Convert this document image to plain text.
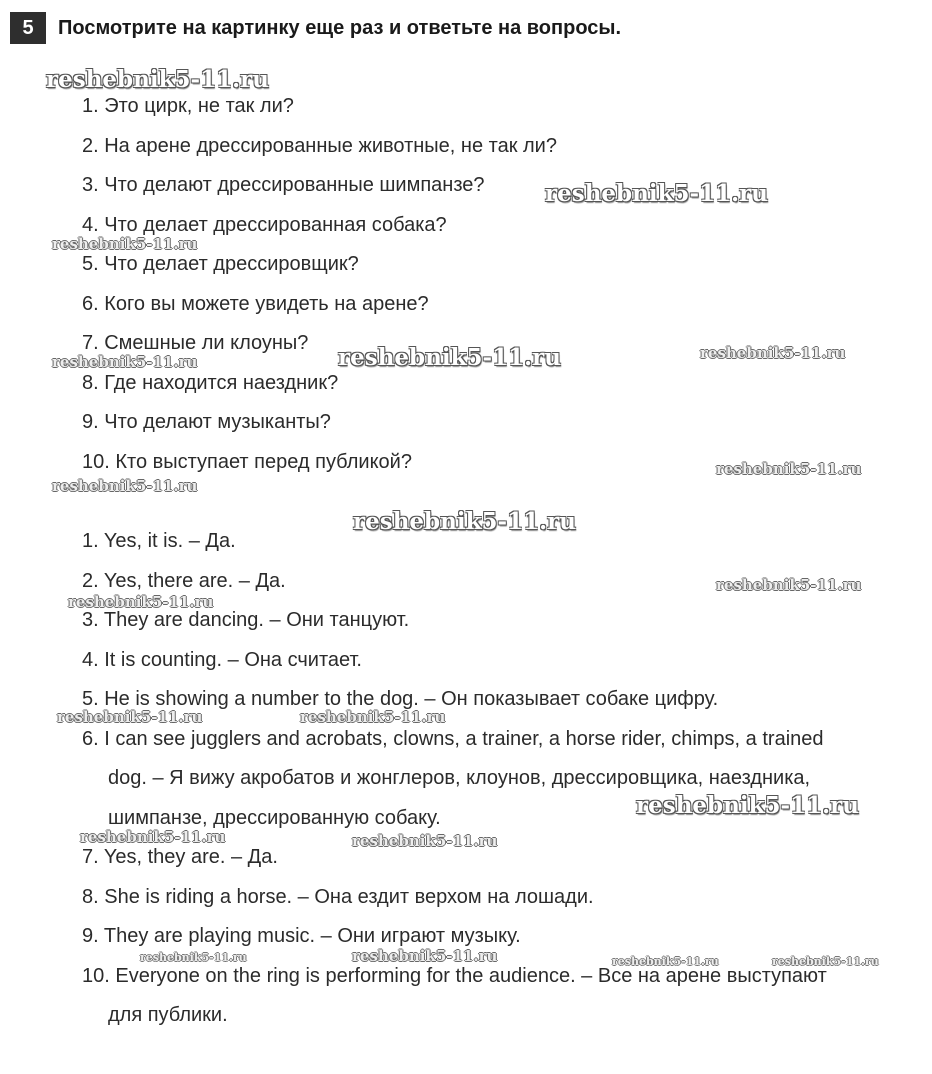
5	Посмотрите на картинку еще раз и ответьте на вопросы.
1. Это цирк, не так ли?
2. На арене дрессированные животные, не так ли?
3. Что делают дрессированные шимпанзе?
4. Что делает дрессированная собака?
5. Что делает дрессировщик?
6. Кого вы можете увидеть на арене?
7. Смешные ли клоуны?
8. Где находится наездник?
9. Что делают музыканты?
10. Кто выступает перед публикой?
1. Yes, it is. – Да.
2. Yes, there are. – Да.
3. They are dancing. – Они танцуют.
4. It is counting. – Она считает.
5. He is showing a number to the dog. – Он показывает собаке цифру.
6. I can see jugglers and acrobats, clowns, a trainer, a horse rider, chimps, a trained
dog. – Я вижу акробатов и жонглеров, клоунов, дрессировщика, наездника,
шимпанзе, дрессированную собаку.
7. Yes, they are. – Да.
8. She is riding a horse. – Она ездит верхом на лошади.
9. They are playing music. – Они играют музыку.
10. Everyone on the ring is performing for the audience. – Все на арене выступают
для публики.
reshebnik5-11.ru
reshebnik5-11.ru
reshebnik5-11.ru
reshebnik5-11.ru
reshebnik5-11.ru	reshebnik5-11.ru
reshebnik5-11.ru
reshebnik5-11.ru
reshebnik5-11.ru
reshebnik5-11.ru
reshebnik5-11.ru
reshebnik5-11.ru	reshebnik5-11.ru
reshebnik5-11.ru
reshebnik5-11.ru	reshebnik5-11.ru
reshebnik5-11.ru
reshebnik5-11.ru	reshebnik5-11.ru	reshebnik5-11.ru
